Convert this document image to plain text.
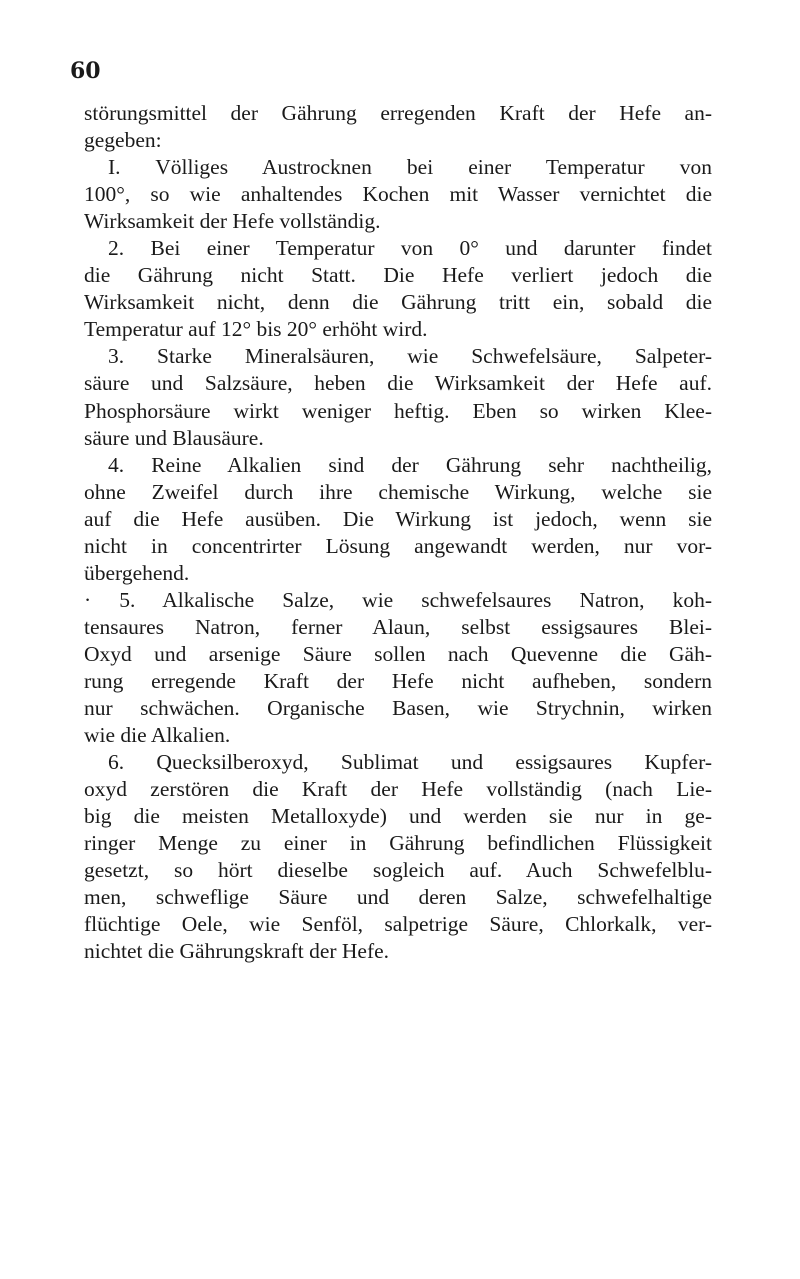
60
störungsmittel der Gährung erregenden Kraft der Hefe an-
gegeben:
I. Völliges Austrocknen bei einer Temperatur von
100°, so wie anhaltendes Kochen mit Wasser vernichtet die
Wirksamkeit der Hefe vollständig.
2. Bei einer Temperatur von 0° und darunter findet
die Gährung nicht Statt. Die Hefe verliert jedoch die
Wirksamkeit nicht, denn die Gährung tritt ein, sobald die
Temperatur auf 12° bis 20° erhöht wird.
3. Starke Mineralsäuren, wie Schwefelsäure, Salpeter-
säure und Salzsäure, heben die Wirksamkeit der Hefe auf.
Phosphorsäure wirkt weniger heftig. Eben so wirken Klee-
säure und Blausäure.
4. Reine Alkalien sind der Gährung sehr nachtheilig,
ohne Zweifel durch ihre chemische Wirkung, welche sie
auf die Hefe ausüben. Die Wirkung ist jedoch, wenn sie
nicht in concentrirter Lösung angewandt werden, nur vor-
übergehend.
· 5. Alkalische Salze, wie schwefelsaures Natron, koh-
tensaures Natron, ferner Alaun, selbst essigsaures Blei-
Oxyd und arsenige Säure sollen nach Quevenne die Gäh-
rung erregende Kraft der Hefe nicht aufheben, sondern
nur schwächen. Organische Basen, wie Strychnin, wirken
wie die Alkalien.
6. Quecksilberoxyd, Sublimat und essigsaures Kupfer-
oxyd zerstören die Kraft der Hefe vollständig (nach Lie-
big die meisten Metalloxyde) und werden sie nur in ge-
ringer Menge zu einer in Gährung befindlichen Flüssigkeit
gesetzt, so hört dieselbe sogleich auf. Auch Schwefelblu-
men, schweflige Säure und deren Salze, schwefelhaltige
flüchtige Oele, wie Senföl, salpetrige Säure, Chlorkalk, ver-
nichtet die Gährungskraft der Hefe.
